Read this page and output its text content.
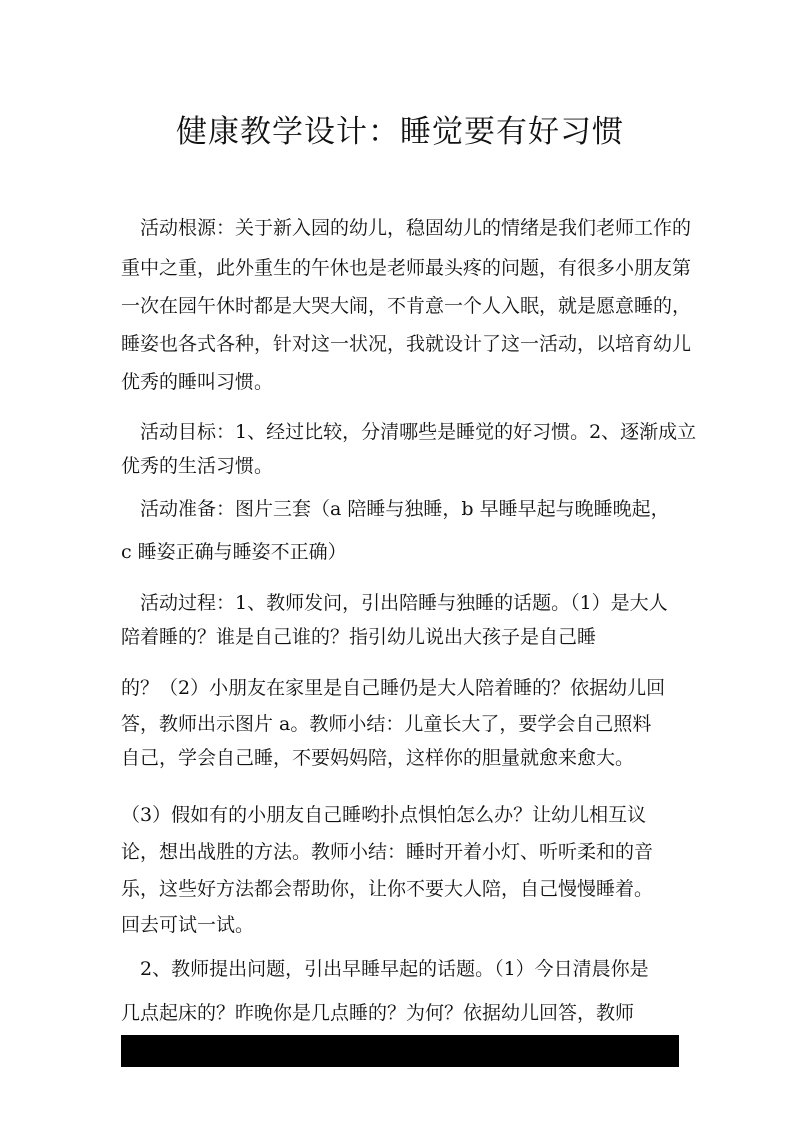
健康教学设计：睡觉要有好习惯
活动根源：关于新入园的幼儿，稳固幼儿的情绪是我们老师工作的
重中之重，此外重生的午休也是老师最头疼的问题，有很多小朋友第
一次在园午休时都是大哭大闹，不肯意一个人入眠，就是愿意睡的，
睡姿也各式各种，针对这一状况，我就设计了这一活动，以培育幼儿
优秀的睡叫习惯。
活动目标：1、经过比较，分清哪些是睡觉的好习惯。2、逐渐成立
优秀的生活习惯。
活动准备：图片三套（a 陪睡与独睡，b 早睡早起与晚睡晚起，
c 睡姿正确与睡姿不正确）
活动过程：1、教师发问，引出陪睡与独睡的话题。（1）是大人
陪着睡的？谁是自己谁的？指引幼儿说出大孩子是自己睡
的？（2）小朋友在家里是自己睡仍是大人陪着睡的？依据幼儿回
答，教师出示图片 a。教师小结：儿童长大了，要学会自己照料
自己，学会自己睡，不要妈妈陪，这样你的胆量就愈来愈大。
（3）假如有的小朋友自己睡哟扑点惧怕怎么办？让幼儿相互议
论，想出战胜的方法。教师小结：睡时开着小灯、听听柔和的音
乐，这些好方法都会帮助你，让你不要大人陪，自己慢慢睡着。
回去可试一试。
2、教师提出问题，引出早睡早起的话题。（1）今日清晨你是
几点起床的？昨晚你是几点睡的？为何？依据幼儿回答，教师
